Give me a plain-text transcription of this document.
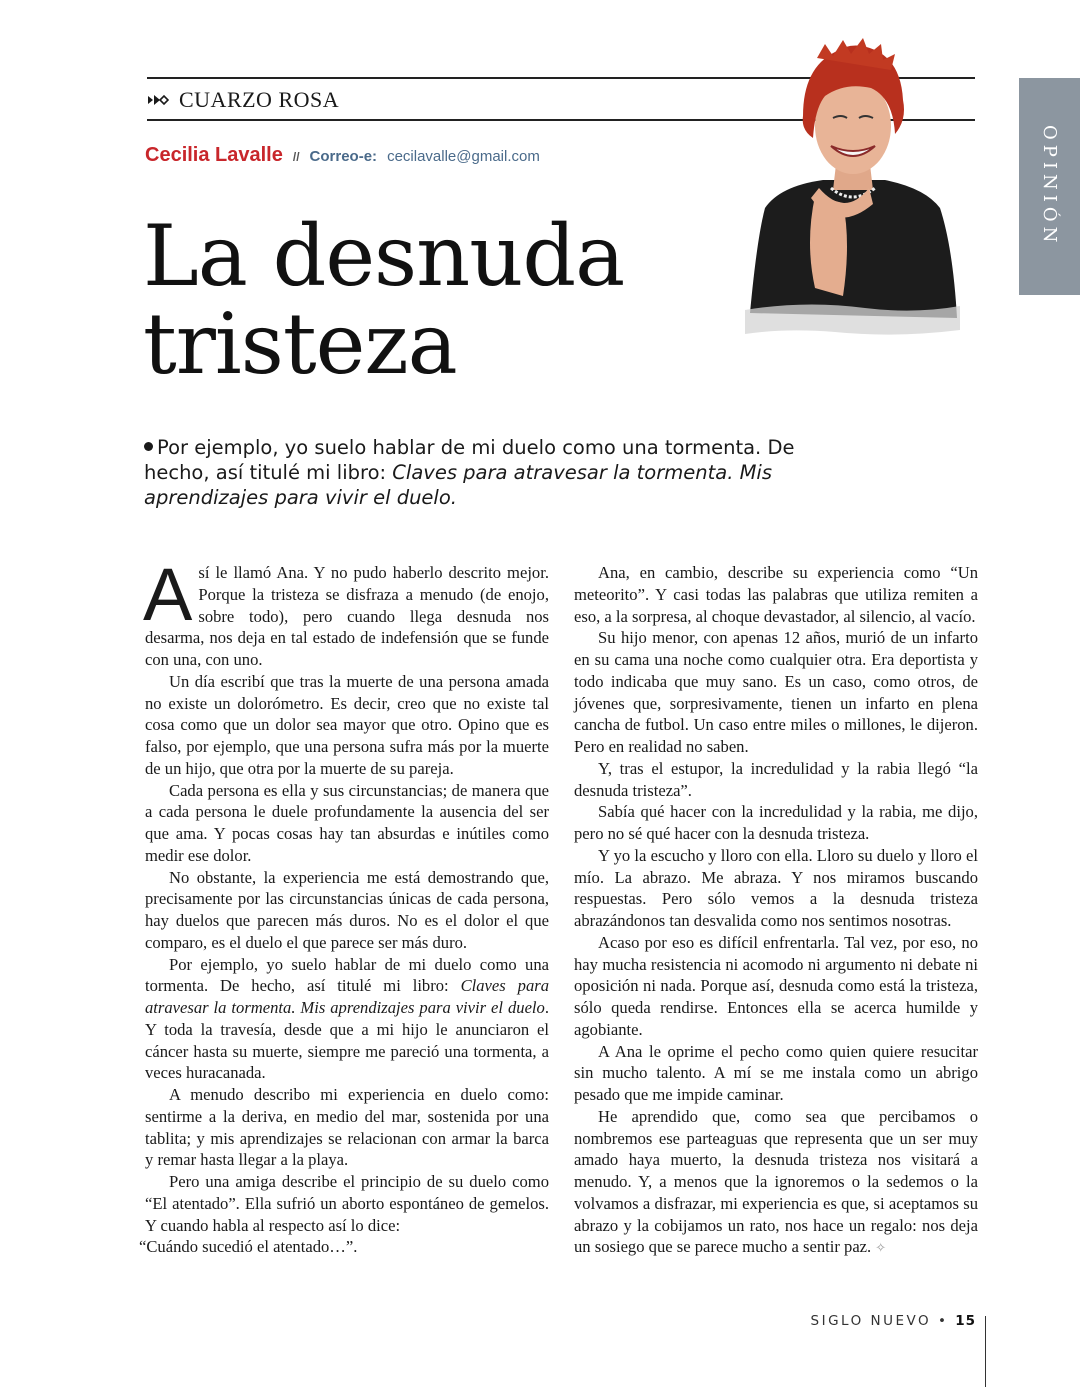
CUARZO ROSA
Cecilia Lavalle // Correo-e: cecilavalle@gmail.com
La desnuda
tristeza
OPINIÓN

Por ejemplo, yo suelo hablar de mi duelo como una tormenta. De hecho, así titulé mi libro: Claves para atravesar la tormenta. Mis aprendizajes para vivir el duelo.

Así le llamó Ana. Y no pudo haberlo descrito mejor. Porque la tristeza se disfraza a menudo (de enojo, sobre todo), pero cuando llega desnuda nos desarma, nos deja en tal estado de indefensión que se funde con una, con uno.

Un día escribí que tras la muerte de una persona amada no existe un dolorómetro. Es decir, creo que no existe tal cosa como que un dolor sea mayor que otro. Opino que es falso, por ejemplo, que una persona sufra más por la muerte de un hijo, que otra por la muerte de su pareja.

Cada persona es ella y sus circunstancias; de manera que a cada persona le duele profundamente la ausencia del ser que ama. Y pocas cosas hay tan absurdas e inútiles como medir ese dolor.

No obstante, la experiencia me está demostrando que, precisamente por las circunstancias únicas de cada persona, hay duelos que parecen más duros. No es el dolor el que comparo, es el duelo el que parece ser más duro.

Por ejemplo, yo suelo hablar de mi duelo como una tormenta. De hecho, así titulé mi libro: Claves para atravesar la tormenta. Mis aprendizajes para vivir el duelo. Y toda la travesía, desde que a mi hijo le anunciaron el cáncer hasta su muerte, siempre me pareció una tormenta, a veces huracanada.

A menudo describo mi experiencia en duelo como: sentirme a la deriva, en medio del mar, sostenida por una tablita; y mis aprendizajes se relacionan con armar la barca y remar hasta llegar a la playa.

Pero una amiga describe el principio de su duelo como “El atentado”. Ella sufrió un aborto espontáneo de gemelos. Y cuando habla al respecto así lo dice:

“Cuándo sucedió el atentado…”.

Ana, en cambio, describe su experiencia como “Un meteorito”. Y casi todas las palabras que utiliza remiten a eso, a la sorpresa, al choque devastador, al silencio, al vacío.

Su hijo menor, con apenas 12 años, murió de un infarto en su cama una noche como cualquier otra. Era deportista y todo indicaba que muy sano. Es un caso, como otros, de jóvenes que, sorpresivamente, tienen un infarto en plena cancha de futbol. Un caso entre miles o millones, le dijeron. Pero en realidad no saben.

Y, tras el estupor, la incredulidad y la rabia llegó “la desnuda tristeza”.

Sabía qué hacer con la incredulidad y la rabia, me dijo, pero no sé qué hacer con la desnuda tristeza.

Y yo la escucho y lloro con ella. Lloro su duelo y lloro el mío. La abrazo. Me abraza. Y nos miramos buscando respuestas. Pero sólo vemos a la desnuda tristeza abrazándonos tan desvalida como nos sentimos nosotras.

Acaso por eso es difícil enfrentarla. Tal vez, por eso, no hay mucha resistencia ni acomodo ni argumento ni debate ni oposición ni nada. Porque así, desnuda como está la tristeza, sólo queda rendirse. Entonces ella se acerca humilde y agobiante.

A Ana le oprime el pecho como quien quiere resucitar sin mucho talento. A mí se me instala como un abrigo pesado que me impide caminar.

He aprendido que, como sea que percibamos o nombremos ese parteaguas que representa que un ser muy amado haya muerto, la desnuda tristeza nos visitará a menudo. Y, a menos que la ignoremos o la sedemos o la volvamos a disfrazar, mi experiencia es que, si aceptamos su abrazo y la cobijamos un rato, nos hace un regalo: nos deja un sosiego que se parece mucho a sentir paz. ✧

SIGLO NUEVO • 15
